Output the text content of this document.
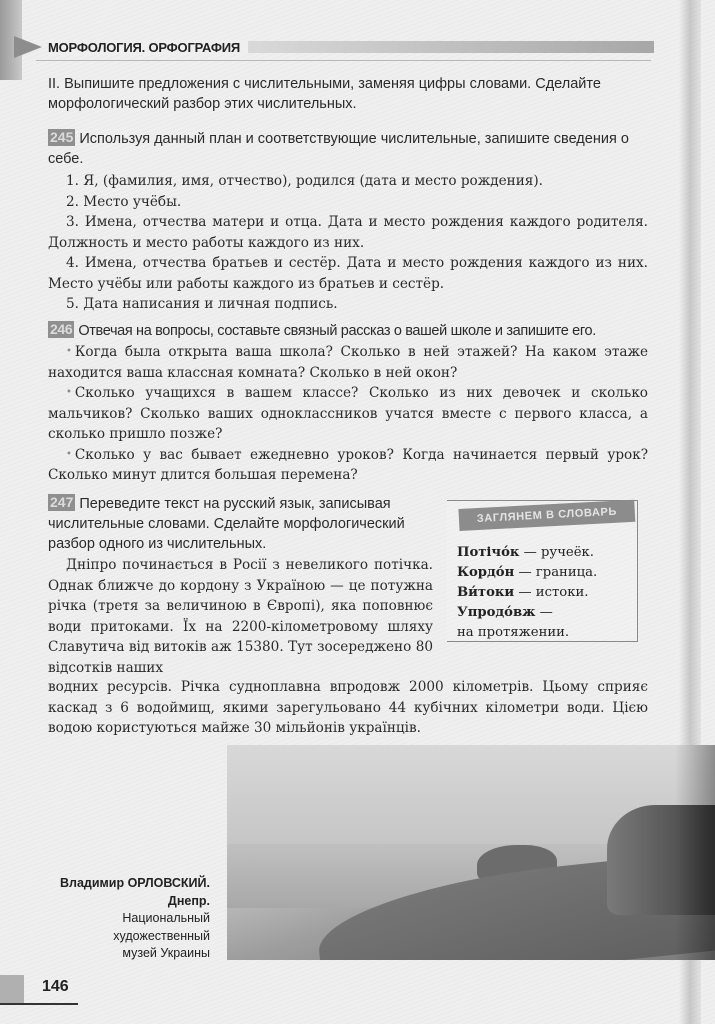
МОРФОЛОГИЯ. ОРФОГРАФИЯ

II. Выпишите предложения с числительными, заменяя цифры словами. Сделайте морфологический разбор этих числительных.

245 Используя данный план и соответствующие числительные, запишите сведения о себе.

1. Я, (фамилия, имя, отчество), родился (дата и место рождения).

2. Место учёбы.

3. Имена, отчества матери и отца. Дата и место рождения каждого родителя. Должность и место работы каждого из них.

4. Имена, отчества братьев и сестёр. Дата и место рождения каждого из них. Место учёбы или работы каждого из братьев и сестёр.

5. Дата написания и личная подпись.

246 Отвечая на вопросы, составьте связный рассказ о вашей школе и запишите его.

• Когда была открыта ваша школа? Сколько в ней этажей? На каком этаже находится ваша классная комната? Сколько в ней окон?

• Сколько учащихся в вашем классе? Сколько из них девочек и сколько мальчиков? Сколько ваших одноклассников учатся вместе с первого класса, а сколько пришло позже?

• Сколько у вас бывает ежедневно уроков? Когда начинается первый урок? Сколько минут длится большая перемена?

247 Переведите текст на русский язык, записывая числительные словами. Сделайте морфологический разбор одного из числительных.

Дніпро починається в Росії з невеликого потічка. Однак ближче до кордону з Україною — це потужна річка (третя за величиною в Європі), яка поповнює води притоками. Їх на 2200-кілометровому шляху Славутича від витоків аж 15380. Тут зосереджено 80 відсотків наших

водних ресурсів. Річка судноплавна впродовж 2000 кілометрів. Цьому сприяє каскад з 6 водоймищ, якими зарегульовано 44 кубічних кілометри води. Цією водою користуються майже 30 мільйонів українців.

ЗАГЛЯНЕМ В СЛОВАРЬ
Потічо́к — ручеёк.
Кордо́н — граница.
Ви́токи — истоки.
Упродо́вж —
на протяжении.
Владимир ОРЛОВСКИЙ.
Днепр.
Национальный
художественный
музей Украины
146
